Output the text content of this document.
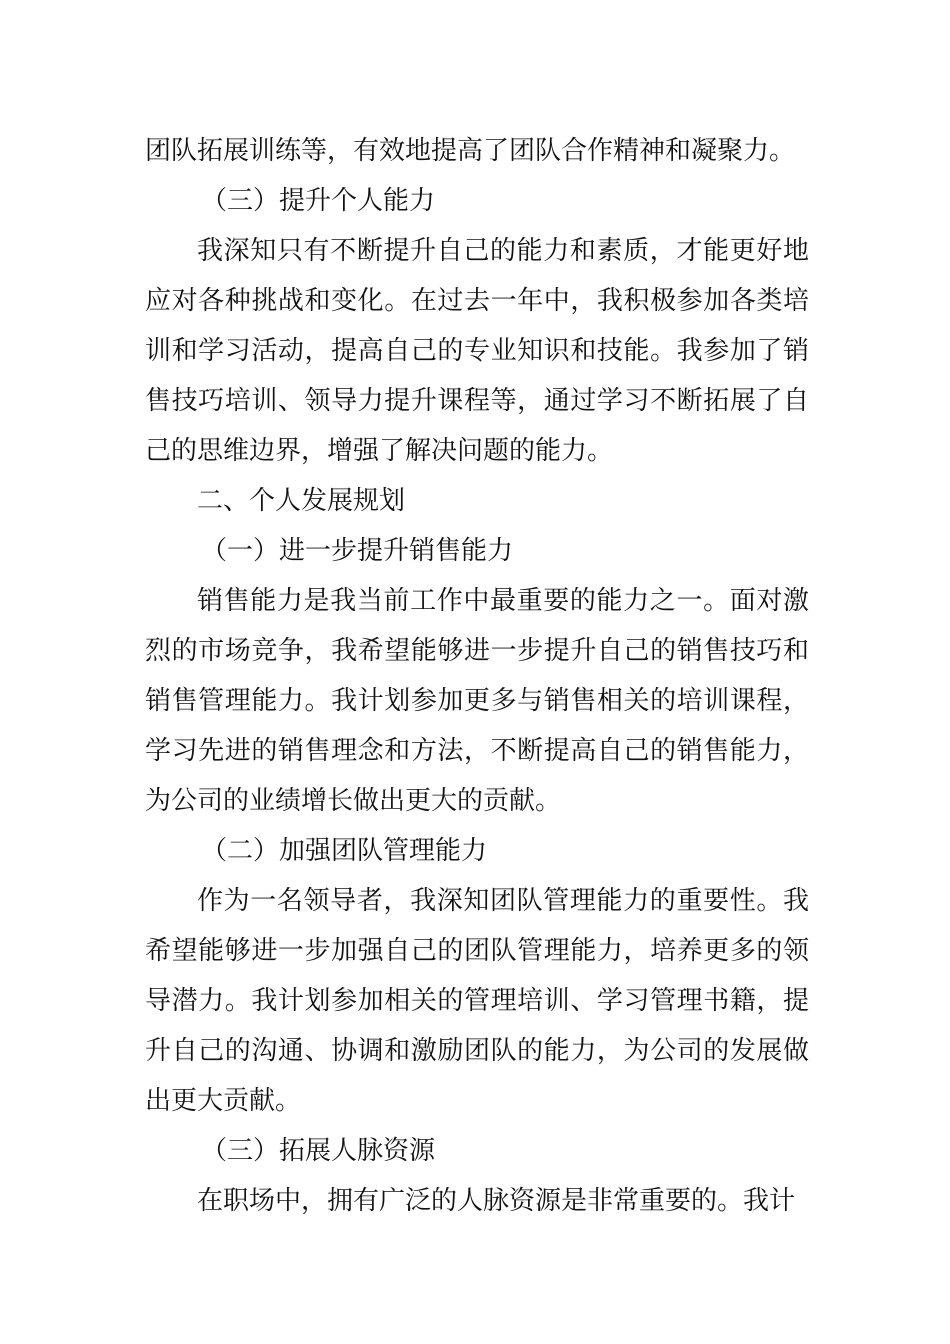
团队拓展训练等，有效地提高了团队合作精神和凝聚力。

（三）提升个人能力

我深知只有不断提升自己的能力和素质，才能更好地应对各种挑战和变化。在过去一年中，我积极参加各类培训和学习活动，提高自己的专业知识和技能。我参加了销售技巧培训、领导力提升课程等，通过学习不断拓展了自己的思维边界，增强了解决问题的能力。

二、个人发展规划

（一）进一步提升销售能力

销售能力是我当前工作中最重要的能力之一。面对激烈的市场竞争，我希望能够进一步提升自己的销售技巧和销售管理能力。我计划参加更多与销售相关的培训课程，学习先进的销售理念和方法，不断提高自己的销售能力，为公司的业绩增长做出更大的贡献。

（二）加强团队管理能力

作为一名领导者，我深知团队管理能力的重要性。我希望能够进一步加强自己的团队管理能力，培养更多的领导潜力。我计划参加相关的管理培训、学习管理书籍，提升自己的沟通、协调和激励团队的能力，为公司的发展做出更大贡献。

（三）拓展人脉资源

在职场中，拥有广泛的人脉资源是非常重要的。我计
